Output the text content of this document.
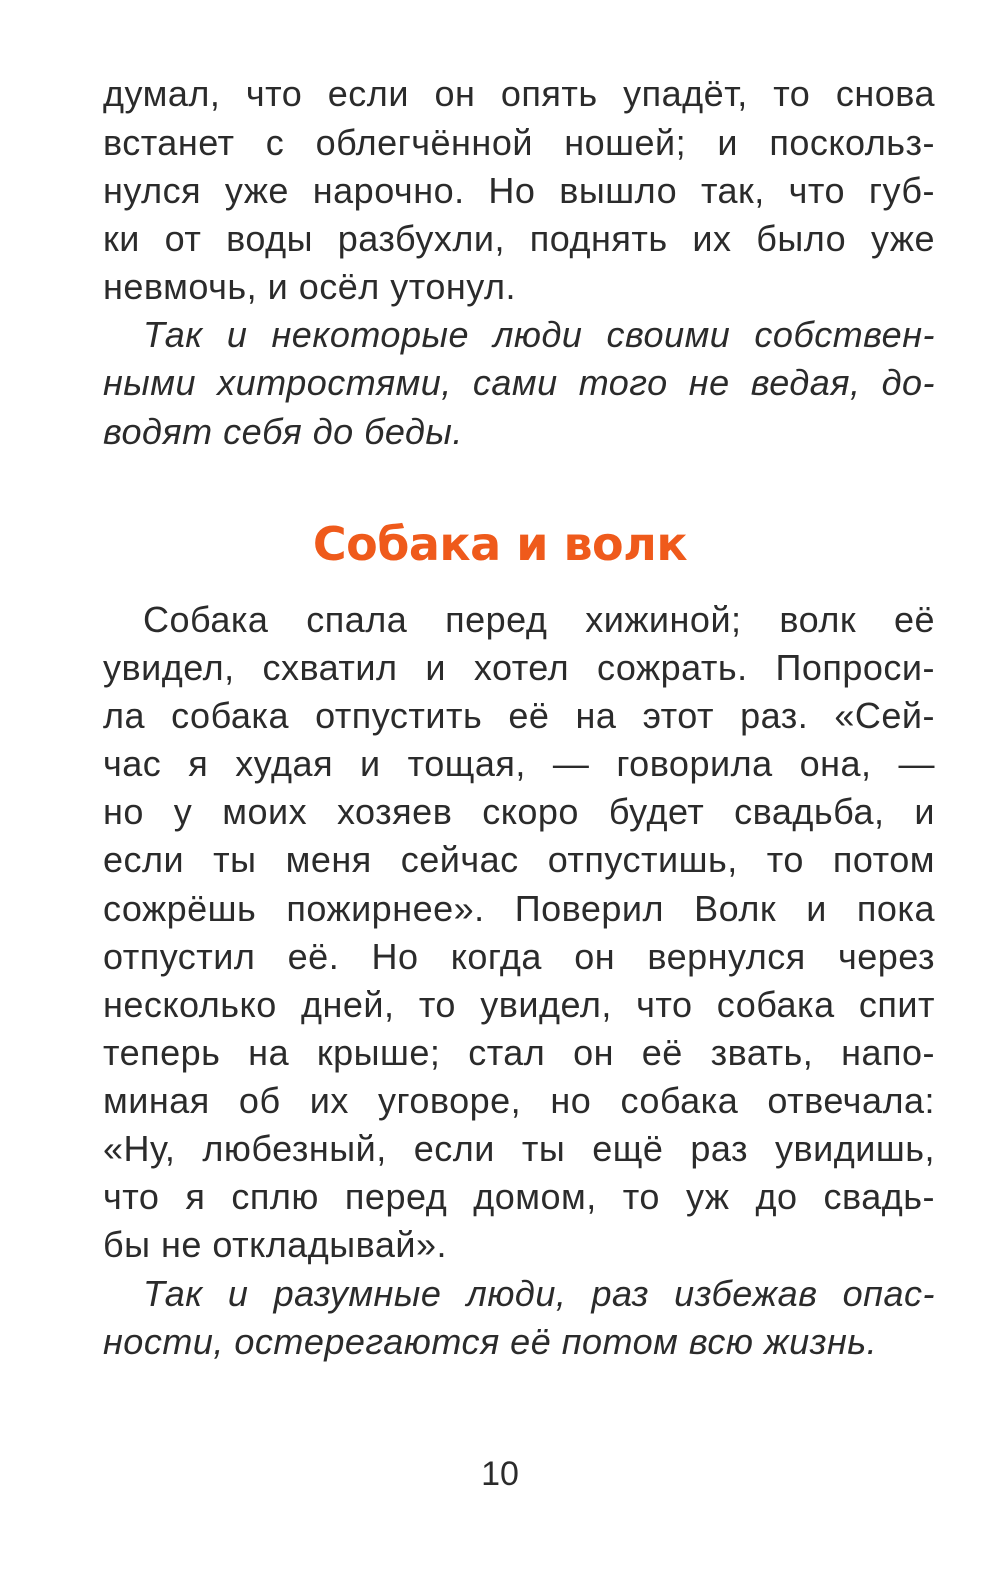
думал, что если он опять упадёт, то снова
встанет с облегчённой ношей; и поскольз-
нулся уже нарочно. Но вышло так, что губ-
ки от воды разбухли, поднять их было уже
невмочь, и осёл утонул.
Так и некоторые люди своими собствен-
ными хитростями, сами того не ведая, до-
водят себя до беды.
Собака и волк
Собака спала перед хижиной; волк её
увидел, схватил и хотел сожрать. Попроси-
ла собака отпустить её на этот раз. «Сей-
час я худая и тощая, — говорила она, —
но у моих хозяев скоро будет свадьба, и
если ты меня сейчас отпустишь, то потом
сожрёшь пожирнее». Поверил Волк и пока
отпустил её. Но когда он вернулся через
несколько дней, то увидел, что собака спит
теперь на крыше; стал он её звать, напо-
миная об их уговоре, но собака отвечала:
«Ну, любезный, если ты ещё раз увидишь,
что я сплю перед домом, то уж до свадь-
бы не откладывай».
Так и разумные люди, раз избежав опас-
ности, остерегаются её потом всю жизнь.
10
